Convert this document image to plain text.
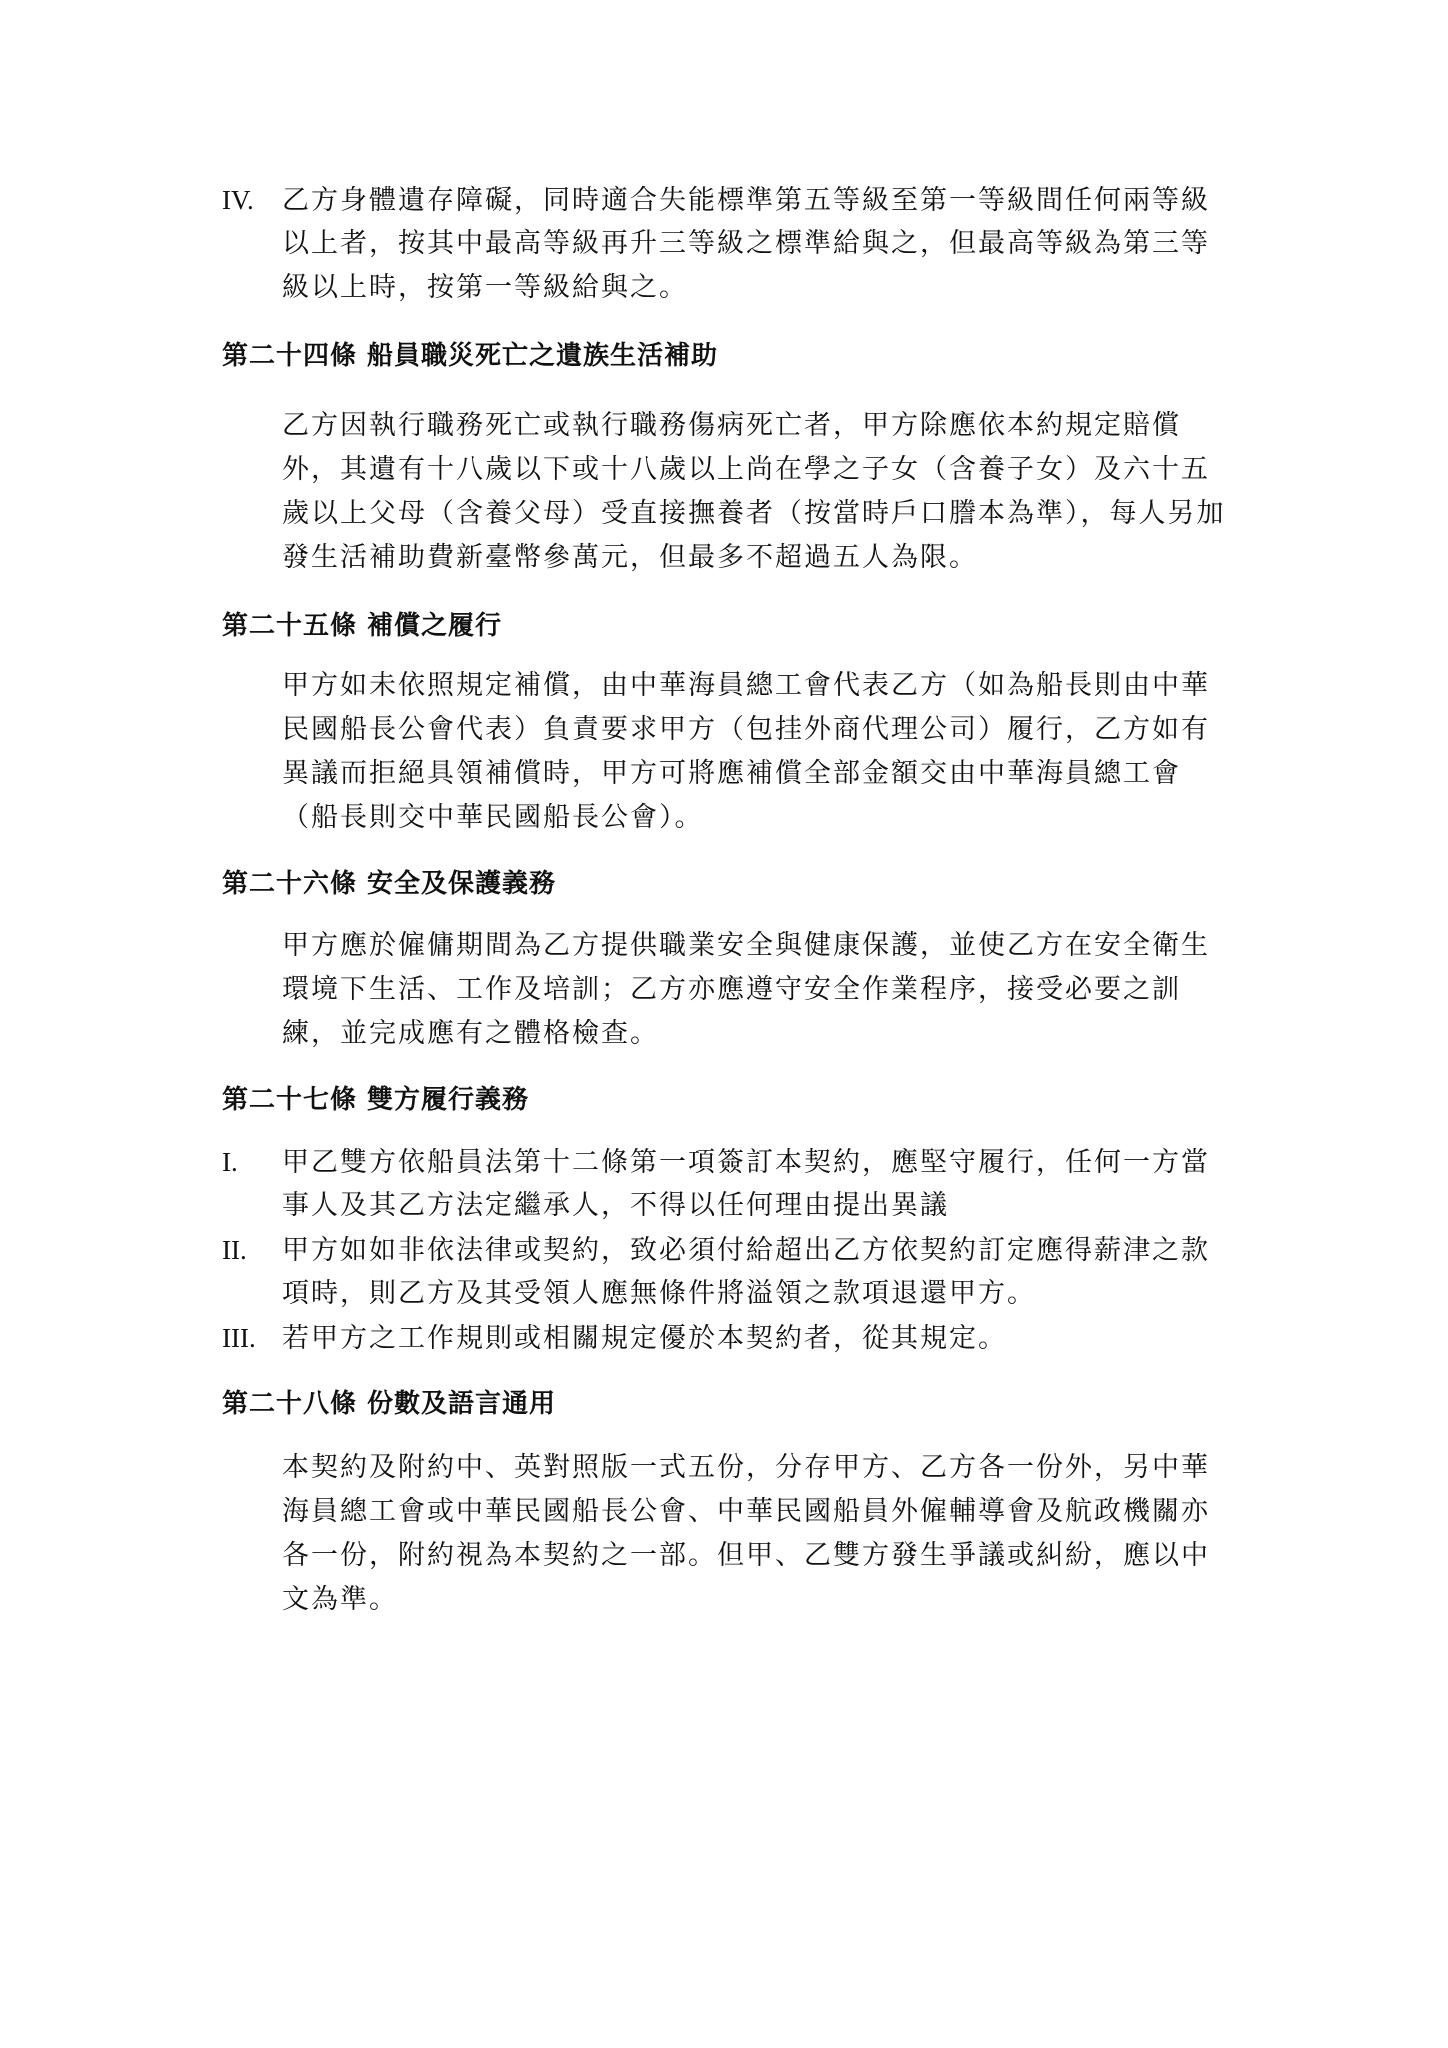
IV. 乙方身體遺存障礙，同時適合失能標準第五等級至第一等級間任何兩等級
以上者，按其中最高等級再升三等級之標準給與之，但最高等級為第三等
級以上時，按第一等級給與之。
第二十四條 船員職災死亡之遺族生活補助
乙方因執行職務死亡或執行職務傷病死亡者，甲方除應依本約規定賠償
外，其遺有十八歲以下或十八歲以上尚在學之子女（含養子女）及六十五
歲以上父母（含養父母）受直接撫養者（按當時戶口謄本為準），每人另加
發生活補助費新臺幣參萬元，但最多不超過五人為限。
第二十五條 補償之履行
甲方如未依照規定補償，由中華海員總工會代表乙方（如為船長則由中華
民國船長公會代表）負責要求甲方（包挂外商代理公司）履行，乙方如有
異議而拒絕具領補償時，甲方可將應補償全部金額交由中華海員總工會
（船長則交中華民國船長公會）。
第二十六條 安全及保護義務
甲方應於僱傭期間為乙方提供職業安全與健康保護，並使乙方在安全衛生
環境下生活、工作及培訓；乙方亦應遵守安全作業程序，接受必要之訓
練，並完成應有之體格檢查。
第二十七條 雙方履行義務
I. 甲乙雙方依船員法第十二條第一項簽訂本契約，應堅守履行，任何一方當
事人及其乙方法定繼承人，不得以任何理由提出異議
II. 甲方如如非依法律或契約，致必須付給超出乙方依契約訂定應得薪津之款
項時，則乙方及其受領人應無條件將溢領之款項退還甲方。
III. 若甲方之工作規則或相關規定優於本契約者，從其規定。
第二十八條 份數及語言通用
本契約及附約中、英對照版一式五份，分存甲方、乙方各一份外，另中華
海員總工會或中華民國船長公會、中華民國船員外僱輔導會及航政機關亦
各一份，附約視為本契約之一部。但甲、乙雙方發生爭議或糾紛，應以中
文為準。
